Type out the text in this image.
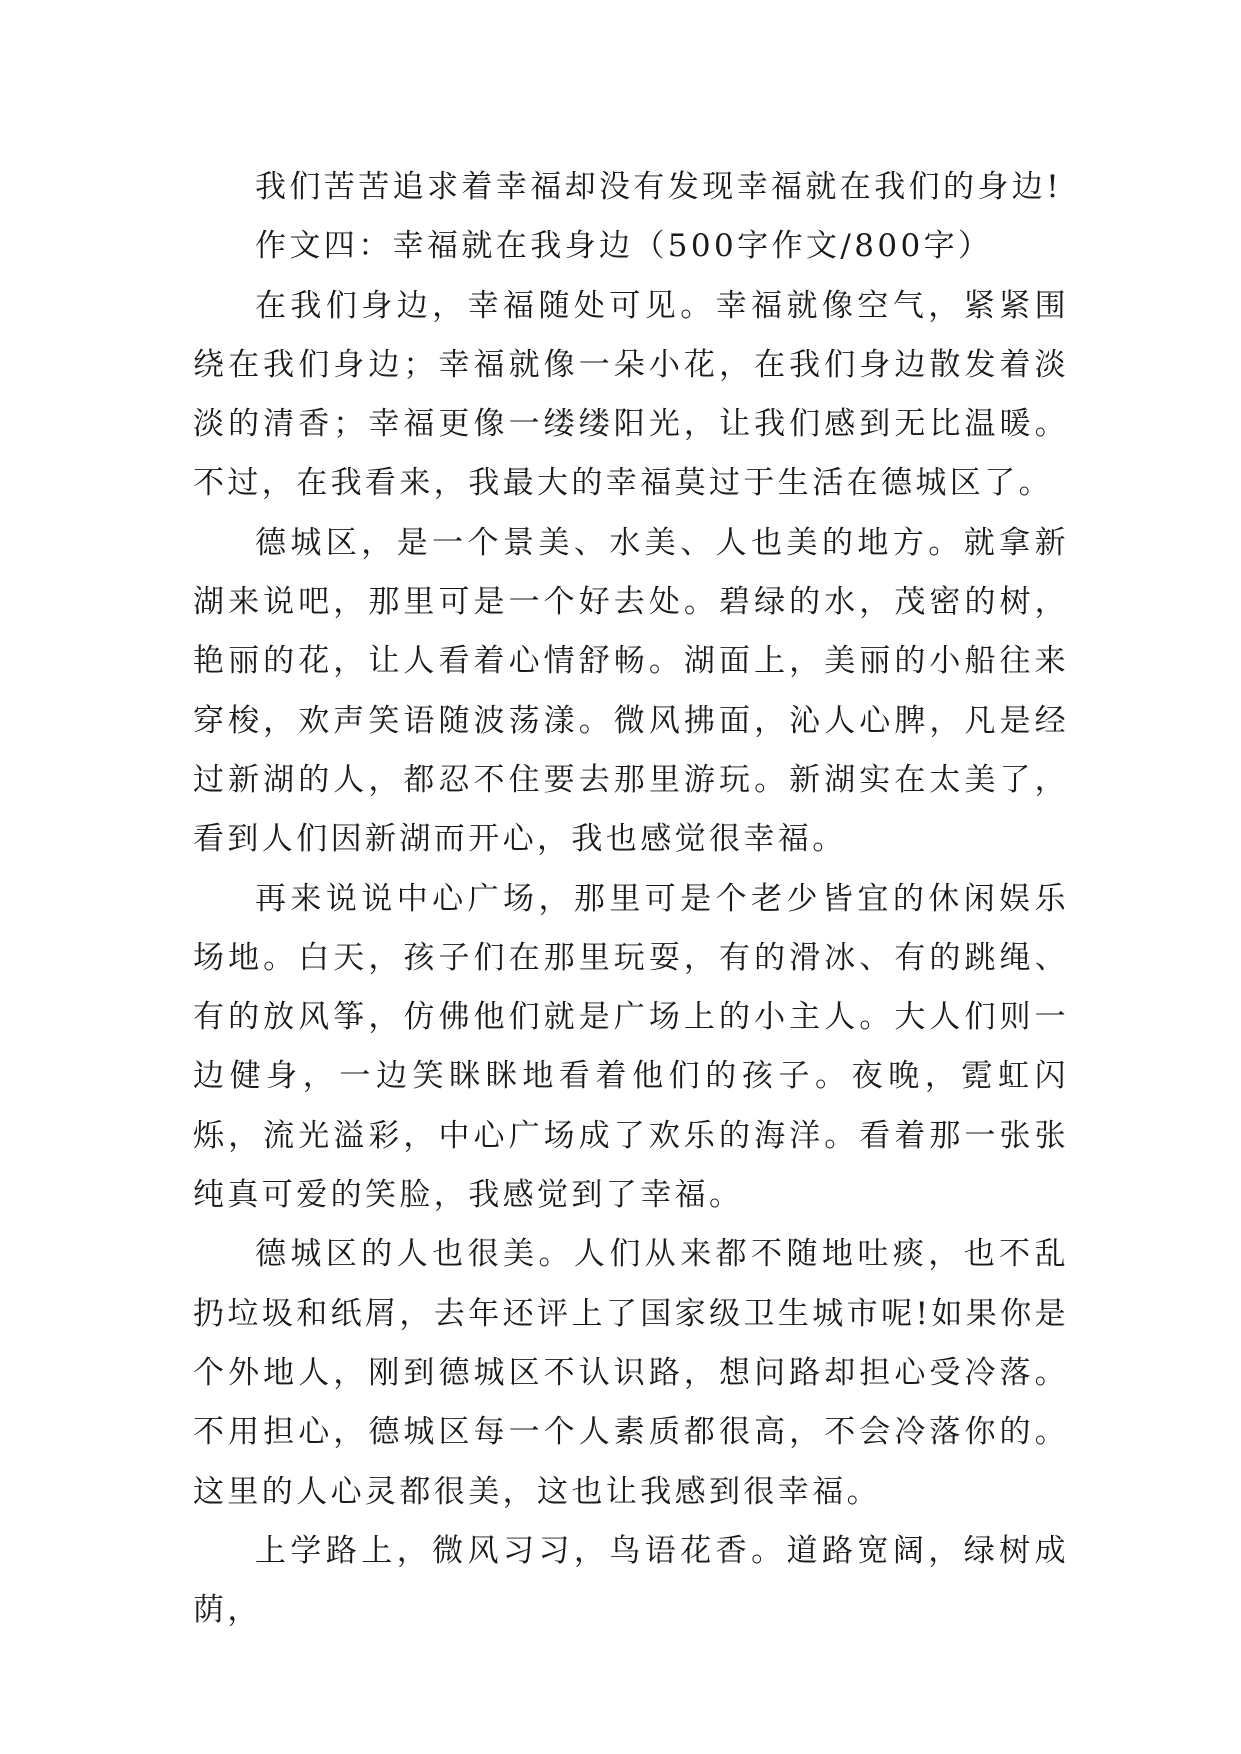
我们苦苦追求着幸福却没有发现幸福就在我们的身边!

作文四：幸福就在我身边（500字作文/800字）

在我们身边，幸福随处可见。幸福就像空气，紧紧围绕在我们身边；幸福就像一朵小花，在我们身边散发着淡淡的清香；幸福更像一缕缕阳光，让我们感到无比温暖。不过，在我看来，我最大的幸福莫过于生活在德城区了。

德城区，是一个景美、水美、人也美的地方。就拿新湖来说吧，那里可是一个好去处。碧绿的水，茂密的树，艳丽的花，让人看着心情舒畅。湖面上，美丽的小船往来穿梭，欢声笑语随波荡漾。微风拂面，沁人心脾，凡是经过新湖的人，都忍不住要去那里游玩。新湖实在太美了，看到人们因新湖而开心，我也感觉很幸福。

再来说说中心广场，那里可是个老少皆宜的休闲娱乐场地。白天，孩子们在那里玩耍，有的滑冰、有的跳绳、有的放风筝，仿佛他们就是广场上的小主人。大人们则一边健身，一边笑眯眯地看着他们的孩子。夜晚，霓虹闪烁，流光溢彩，中心广场成了欢乐的海洋。看着那一张张纯真可爱的笑脸，我感觉到了幸福。

德城区的人也很美。人们从来都不随地吐痰，也不乱扔垃圾和纸屑，去年还评上了国家级卫生城市呢!如果你是个外地人，刚到德城区不认识路，想问路却担心受冷落。不用担心，德城区每一个人素质都很高，不会冷落你的。这里的人心灵都很美，这也让我感到很幸福。

上学路上，微风习习，鸟语花香。道路宽阔，绿树成荫，
